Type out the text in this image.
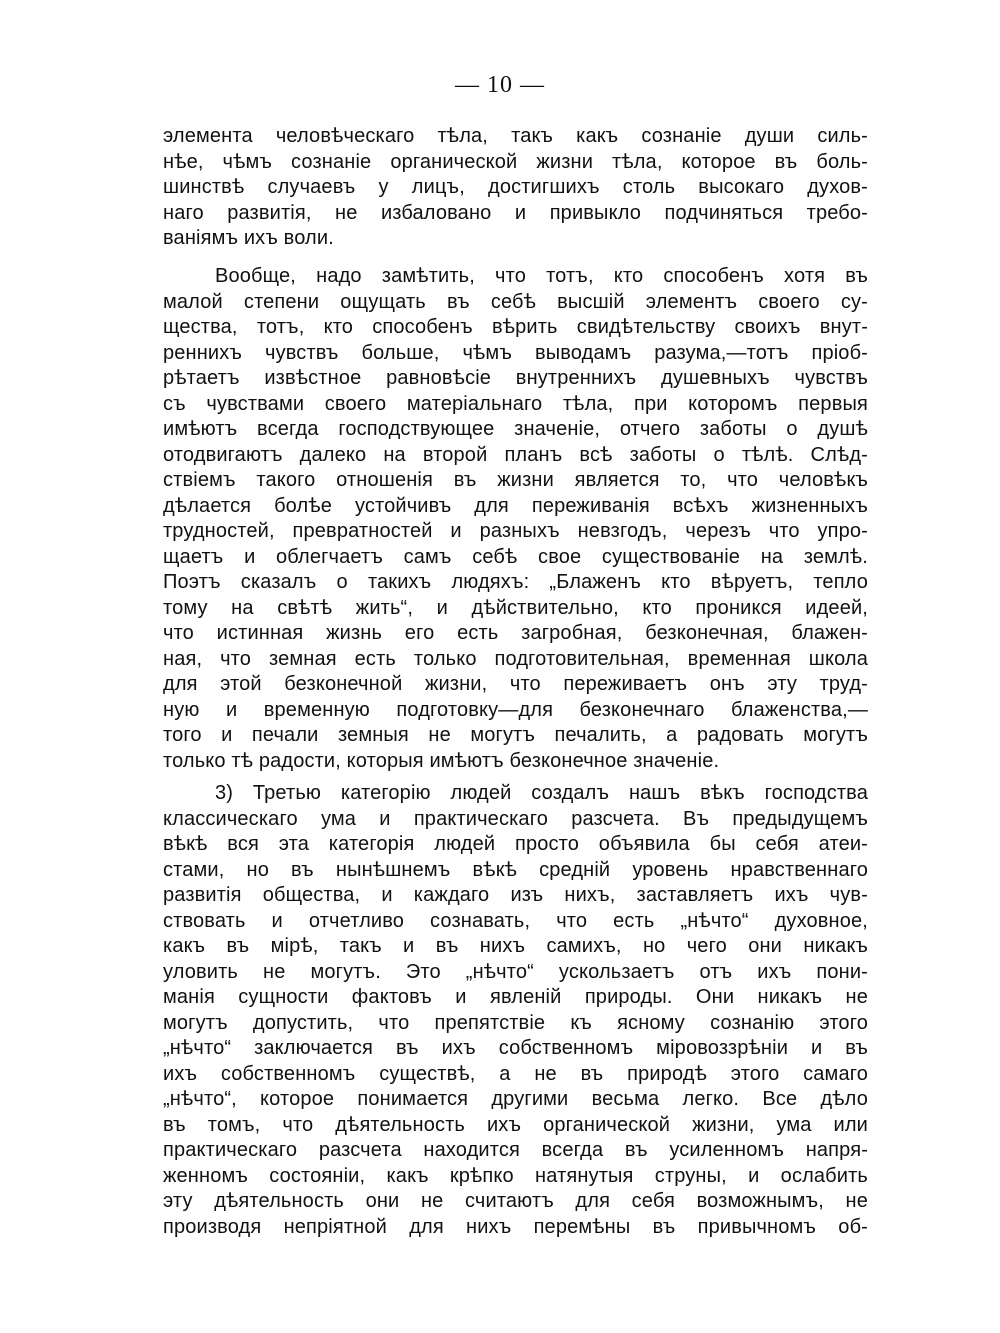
— 10 —
элемента человѣческаго тѣла, такъ какъ сознаніе души силь-
нѣе, чѣмъ сознаніе органической жизни тѣла, которое въ боль-
шинствѣ случаевъ у лицъ, достигшихъ столь высокаго духов-
наго развитія, не избаловано и привыкло подчиняться требо-
ваніямъ ихъ воли.
Вообще, надо замѣтить, что тотъ, кто способенъ хотя въ
малой степени ощущать въ себѣ высшій элементъ своего су-
щества, тотъ, кто способенъ вѣрить свидѣтельству своихъ внут-
реннихъ чувствъ больше, чѣмъ выводамъ разума,—тотъ пріоб-
рѣтаетъ извѣстное равновѣсіе внутреннихъ душевныхъ чувствъ
съ чувствами своего матеріальнаго тѣла, при которомъ первыя
имѣютъ всегда господствующее значеніе, отчего заботы о душѣ
отодвигаютъ далеко на второй планъ всѣ заботы о тѣлѣ. Слѣд-
ствіемъ такого отношенія въ жизни является то, что человѣкъ
дѣлается болѣе устойчивъ для переживанія всѣхъ жизненныхъ
трудностей, превратностей и разныхъ невзгодъ, черезъ что упро-
щаетъ и облегчаетъ самъ себѣ свое существованіе на землѣ.
Поэтъ сказалъ о такихъ людяхъ: „Блаженъ кто вѣруетъ, тепло
тому на свѣтѣ жить“, и дѣйствительно, кто проникся идеей,
что истинная жизнь его есть загробная, безконечная, блажен-
ная, что земная есть только подготовительная, временная школа
для этой безконечной жизни, что переживаетъ онъ эту труд-
ную и временную подготовку—для безконечнаго блаженства,—
того и печали земныя не могутъ печалить, а радовать могутъ
только тѣ радости, которыя имѣютъ безконечное значеніе.
3) Третью категорію людей создалъ нашъ вѣкъ господства
классическаго ума и практическаго разсчета. Въ предыдущемъ
вѣкѣ вся эта категорія людей просто объявила бы себя атеи-
стами, но въ нынѣшнемъ вѣкѣ средній уровень нравственнаго
развитія общества, и каждаго изъ нихъ, заставляетъ ихъ чув-
ствовать и отчетливо сознавать, что есть „нѣчто“ духовное,
какъ въ мірѣ, такъ и въ нихъ самихъ, но чего они никакъ
уловить не могутъ. Это „нѣчто“ ускользаетъ отъ ихъ пони-
манія сущности фактовъ и явленій природы. Они никакъ не
могутъ допустить, что препятствіе къ ясному сознанію этого
„нѣчто“ заключается въ ихъ собственномъ міровоззрѣніи и въ
ихъ собственномъ существѣ, а не въ природѣ этого самаго
„нѣчто“, которое понимается другими весьма легко. Все дѣло
въ томъ, что дѣятельность ихъ органической жизни, ума или
практическаго разсчета находится всегда въ усиленномъ напря-
женномъ состояніи, какъ крѣпко натянутыя струны, и ослабить
эту дѣятельность они не считаютъ для себя возможнымъ, не
производя непріятной для нихъ перемѣны въ привычномъ об-
